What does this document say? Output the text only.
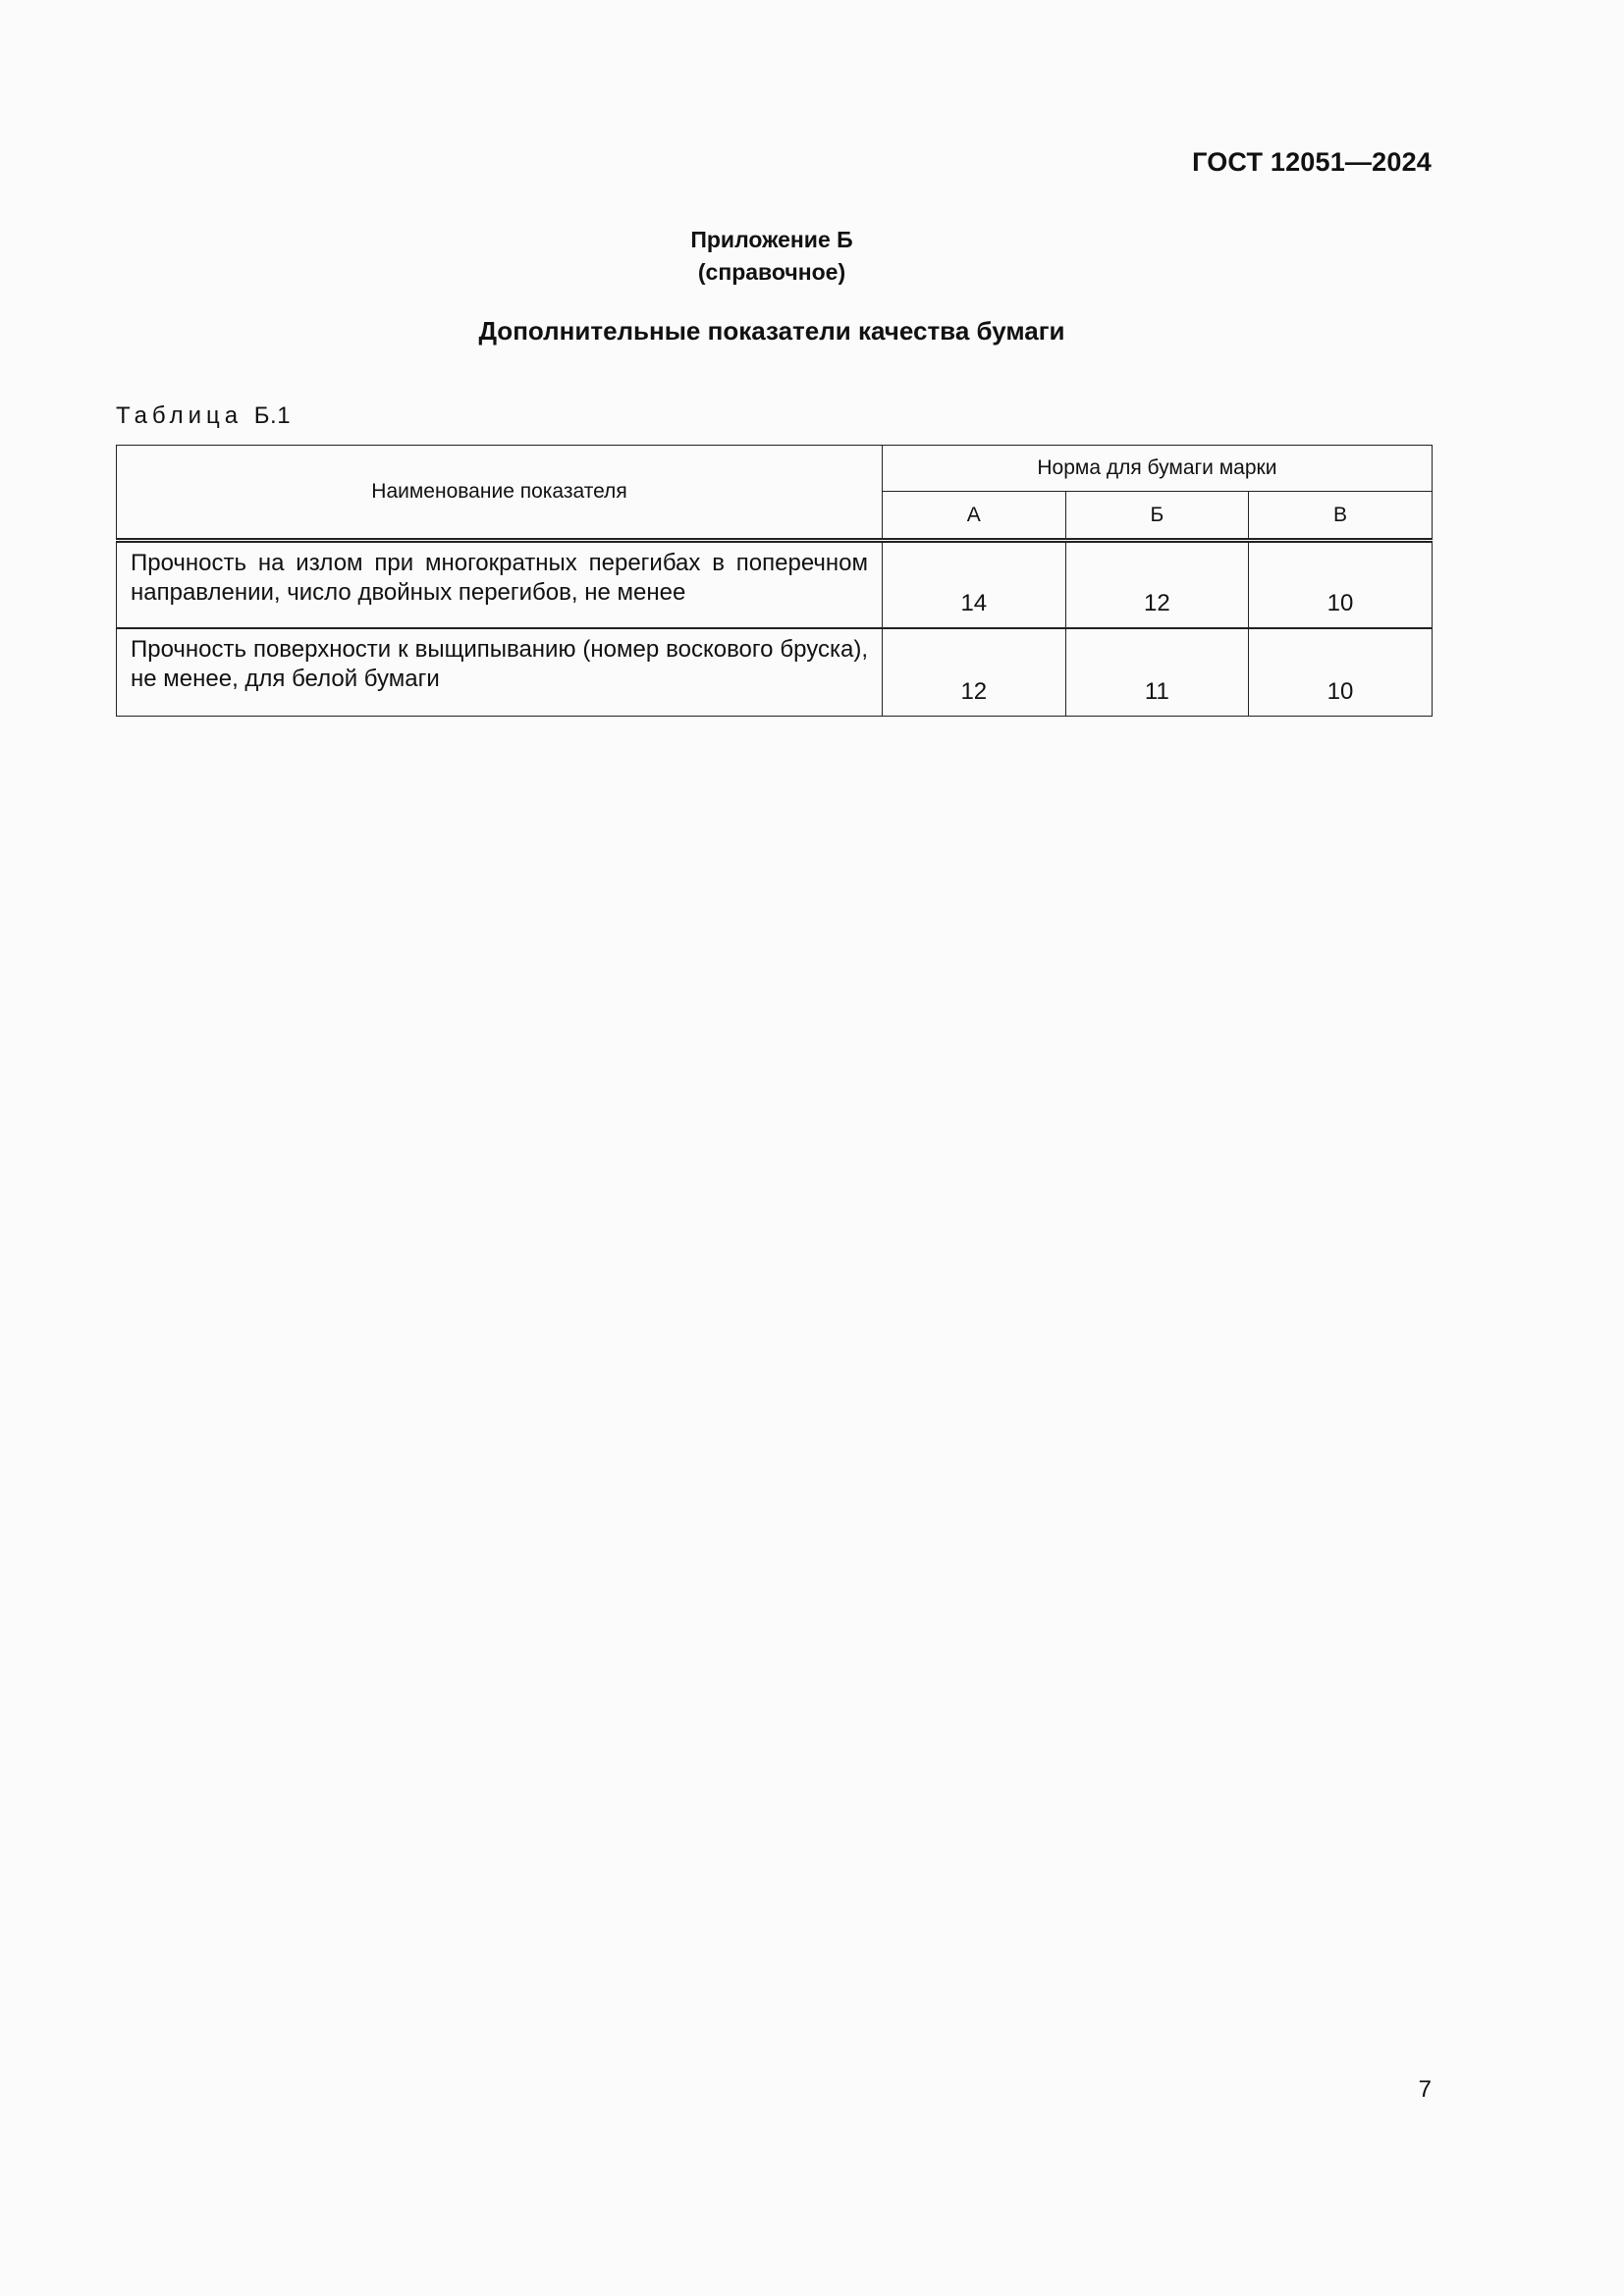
ГОСТ 12051—2024
Приложение Б
(справочное)
Дополнительные показатели качества бумаги
Таблица Б.1
Наименование показателя	Норма для бумаги марки		
	А	Б	В
Прочность на излом при многократных перегибах в поперечном направлении, число двойных перегибов, не менее	14	12	10
Прочность поверхности к выщипыванию (номер воскового бруска), не менее, для белой бумаги	12	11	10
7
